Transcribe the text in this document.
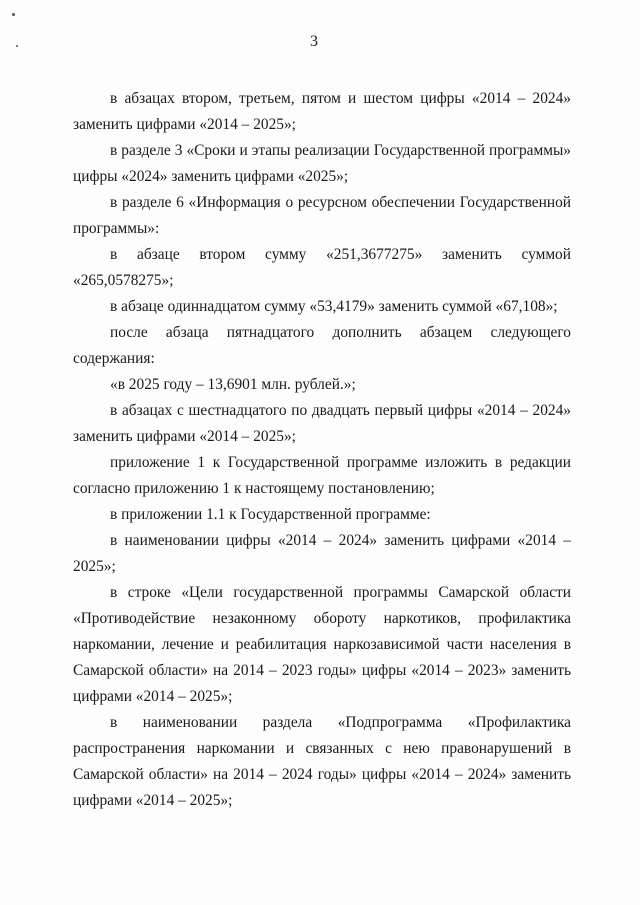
3

в абзацах втором, третьем, пятом и шестом цифры «2014 – 2024» заменить цифрами «2014 – 2025»;

в разделе 3 «Сроки и этапы реализации Государственной программы» цифры «2024» заменить цифрами «2025»;

в разделе 6 «Информация о ресурсном обеспечении Государственной программы»:

в абзаце втором сумму «251,3677275» заменить суммой «265,0578275»;

в абзаце одиннадцатом сумму «53,4179» заменить суммой «67,108»;

после абзаца пятнадцатого дополнить абзацем следующего содержания:

«в 2025 году – 13,6901 млн. рублей.»;

в абзацах с шестнадцатого по двадцать первый цифры «2014 – 2024» заменить цифрами «2014 – 2025»;

приложение 1 к Государственной программе изложить в редакции согласно приложению 1 к настоящему постановлению;

в приложении 1.1 к Государственной программе:

в наименовании цифры «2014 – 2024» заменить цифрами «2014 – 2025»;

в строке «Цели государственной программы Самарской области «Противодействие незаконному обороту наркотиков, профилактика наркомании, лечение и реабилитация наркозависимой части населения в Самарской области» на 2014 – 2023 годы» цифры «2014 – 2023» заменить цифрами «2014 – 2025»;

в наименовании раздела «Подпрограмма «Профилактика распространения наркомании и связанных с нею правонарушений в Самарской области» на 2014 – 2024 годы» цифры «2014 – 2024» заменить цифрами «2014 – 2025»;
